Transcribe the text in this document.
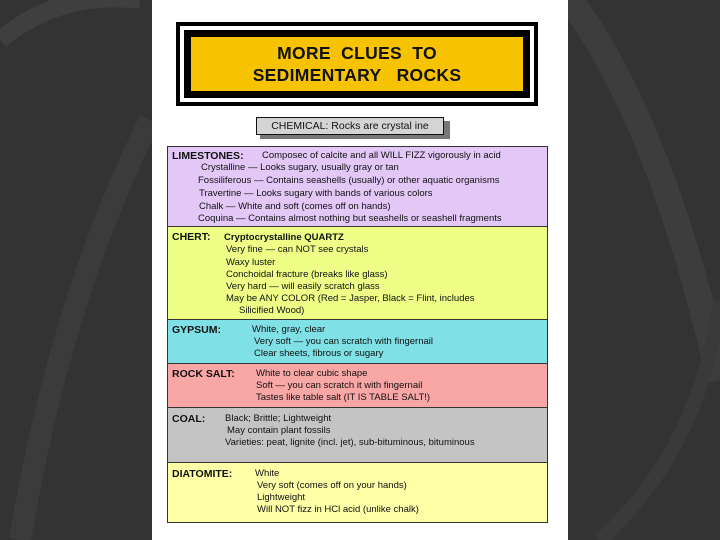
MORE  CLUES  TO
SEDIMENTARY   ROCKS
CHEMICAL: Rocks are crystal ine
LIMESTONES: Composec of calcite and all WILL FIZZ vigorously in acid
Crystalline — Looks sugary, usually gray or tan
Fossiliferous — Contains seashells (usually) or other aquatic organisms
Travertine — Looks sugary with bands of various colors
Chalk — White and soft (comes off on hands)
Coquina — Contains almost nothing but seashells or seashell fragments
CHERT: Cryptocrystalline QUARTZ
Very fine — can NOT see crystals
Waxy luster
Conchoidal fracture (breaks like glass)
Very hard — will easily scratch glass
May be ANY COLOR (Red = Jasper, Black = Flint, includes
Silicified Wood)
GYPSUM:	White, gray, clear
Very soft — you can scratch with fingernail
Clear sheets, fibrous or sugary
ROCK SALT: White to clear cubic shape
Soft — you can scratch it with fingernail
Tastes like table salt (IT IS TABLE SALT!)
COAL: Black; Brittle; Lightweight
May contain plant fossils
Varieties: peat, lignite (incl. jet), sub-bituminous, bituminous
DIATOMITE: White
Very soft (comes off on your hands)
Lightweight
Will NOT fizz in HCl acid (unlike chalk)
